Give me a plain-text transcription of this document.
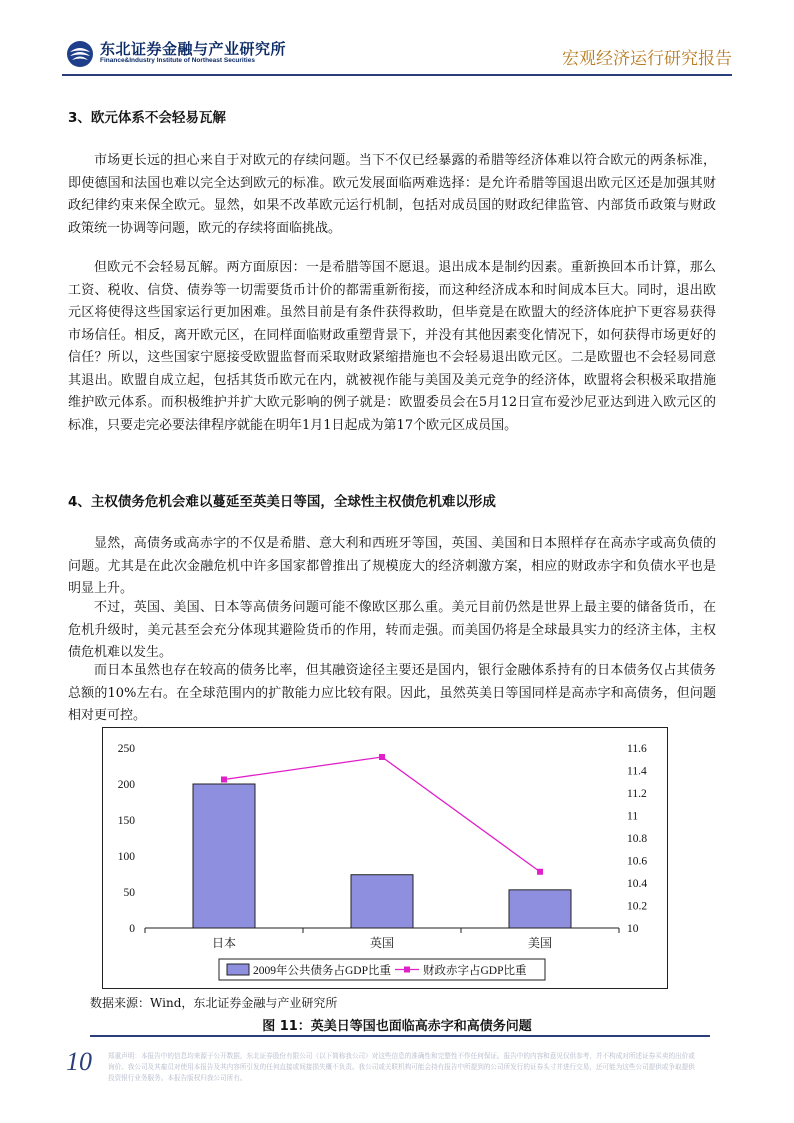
东北证券金融与产业研究所
Finance&Industry Institute of Northeast Securities	宏观经济运行研究报告
3、欧元体系不会轻易瓦解
市场更长远的担心来自于对欧元的存续问题。当下不仅已经暴露的希腊等经济体难以符合欧元的两条标准，即使德国和法国也难以完全达到欧元的标准。欧元发展面临两难选择：是允许希腊等国退出欧元区还是加强其财政纪律约束来保全欧元。显然，如果不改革欧元运行机制，包括对成员国的财政纪律监管、内部货币政策与财政政策统一协调等问题，欧元的存续将面临挑战。
但欧元不会轻易瓦解。两方面原因：一是希腊等国不愿退。退出成本是制约因素。重新换回本币计算，那么工资、税收、信贷、债券等一切需要货币计价的都需重新衔接，而这种经济成本和时间成本巨大。同时，退出欧元区将使得这些国家运行更加困难。虽然目前是有条件获得救助，但毕竟是在欧盟大的经济体庇护下更容易获得市场信任。相反，离开欧元区，在同样面临财政重塑背景下，并没有其他因素变化情况下，如何获得市场更好的信任？所以，这些国家宁愿接受欧盟监督而采取财政紧缩措施也不会轻易退出欧元区。二是欧盟也不会轻易同意其退出。欧盟自成立起，包括其货币欧元在内，就被视作能与美国及美元竞争的经济体，欧盟将会积极采取措施维护欧元体系。而积极维护并扩大欧元影响的例子就是：欧盟委员会在5月12日宣布爱沙尼亚达到进入欧元区的标准，只要走完必要法律程序就能在明年1月1日起成为第17个欧元区成员国。
4、主权债务危机会难以蔓延至英美日等国，全球性主权债危机难以形成
显然，高债务或高赤字的不仅是希腊、意大利和西班牙等国，英国、美国和日本照样存在高赤字或高负债的问题。尤其是在此次金融危机中许多国家都曾推出了规模庞大的经济刺激方案，相应的财政赤字和负债水平也是明显上升。
不过，英国、美国、日本等高债务问题可能不像欧区那么重。美元目前仍然是世界上最主要的储备货币，在危机升级时，美元甚至会充分体现其避险货币的作用，转而走强。而美国仍将是全球最具实力的经济主体，主权债危机难以发生。
而日本虽然也存在较高的债务比率，但其融资途径主要还是国内，银行金融体系持有的日本债务仅占其债务总额的10%左右。在全球范围内的扩散能力应比较有限。因此，虽然英美日等国同样是高赤字和高债务，但问题相对更可控。
0
50
100
150
200
250
10
10.2
10.4
10.6
10.8
11
11.2
11.4
11.6
日本	英国	美国
2009年公共债务占GDP比重	财政赤字占GDP比重
数据来源：Wind，东北证券金融与产业研究所
图 11：英美日等国也面临高赤字和高债务问题
10 郑重声明：本报告中的信息均来源于公开数据，东北证券股份有限公司（以下简称我公司）对这些信息的准确性和完整性不作任何保证。报告中的内容和意见仅供参考，并不构成对所述证券买卖的出价或询价。我公司及其雇员对使用本报告及其内容所引发的任何直接或间接损失概不负责。我公司或关联机构可能会持有报告中所提到的公司所发行的证券头寸并进行交易，还可能为这些公司提供或争取提供投资银行业务服务。本报告版权归我公司所有。
